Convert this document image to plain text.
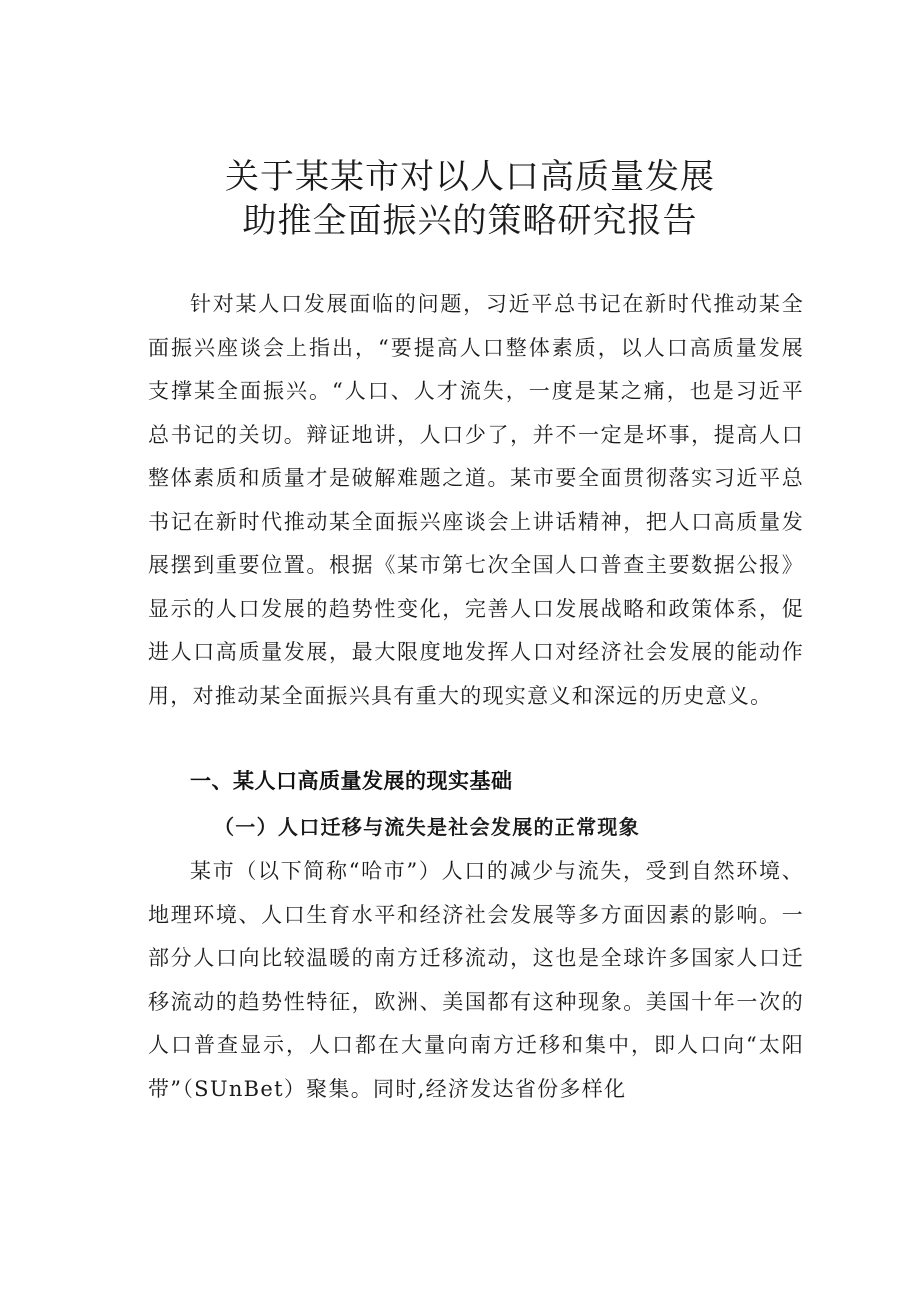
关于某某市对以人口高质量发展
助推全面振兴的策略研究报告

针对某人口发展面临的问题，习近平总书记在新时代推动某全面振兴座谈会上指出，“要提高人口整体素质，以人口高质量发展支撑某全面振兴。“人口、人才流失，一度是某之痛，也是习近平总书记的关切。辩证地讲，人口少了，并不一定是坏事，提高人口整体素质和质量才是破解难题之道。某市要全面贯彻落实习近平总书记在新时代推动某全面振兴座谈会上讲话精神，把人口高质量发展摆到重要位置。根据《某市第七次全国人口普查主要数据公报》显示的人口发展的趋势性变化，完善人口发展战略和政策体系，促进人口高质量发展，最大限度地发挥人口对经济社会发展的能动作用，对推动某全面振兴具有重大的现实意义和深远的历史意义。

一、某人口高质量发展的现实基础
（一）人口迁移与流失是社会发展的正常现象

某市（以下简称“哈市”）人口的减少与流失，受到自然环境、地理环境、人口生育水平和经济社会发展等多方面因素的影响。一部分人口向比较温暖的南方迁移流动，这也是全球许多国家人口迁移流动的趋势性特征，欧洲、美国都有这种现象。美国十年一次的人口普查显示，人口都在大量向南方迁移和集中，即人口向“太阳带”（SUnBet）聚集。同时,经济发达省份多样化
